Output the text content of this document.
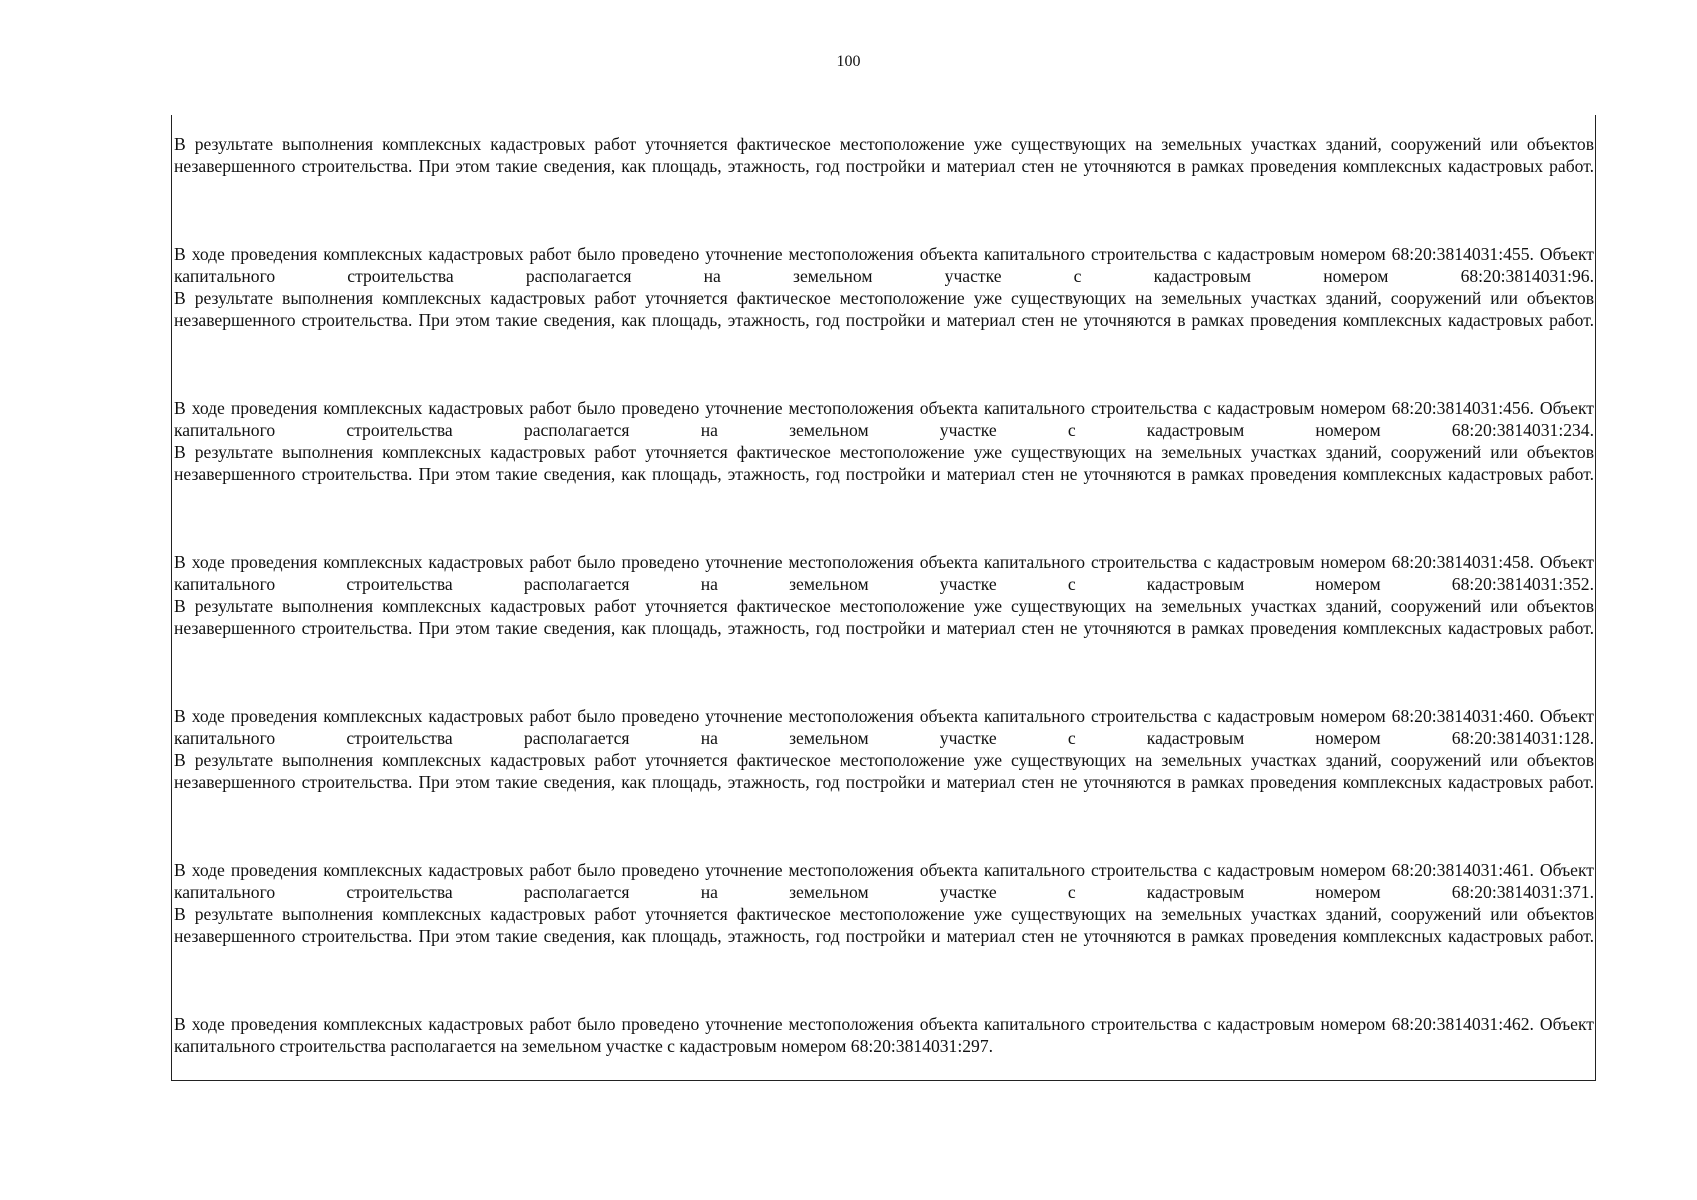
100
В результате выполнения комплексных кадастровых работ уточняется фактическое местоположение уже существующих на земельных участках зданий, сооружений или объектов незавершенного строительства. При этом такие сведения, как площадь, этажность, год постройки и материал стен не уточняются в рамках проведения комплексных кадастровых работ.
В ходе проведения комплексных кадастровых работ было проведено уточнение местоположения объекта капитального строительства с кадастровым номером 68:20:3814031:455. Объект капитального строительства располагается на земельном участке с кадастровым номером 68:20:3814031:96.
В результате выполнения комплексных кадастровых работ уточняется фактическое местоположение уже существующих на земельных участках зданий, сооружений или объектов незавершенного строительства. При этом такие сведения, как площадь, этажность, год постройки и материал стен не уточняются в рамках проведения комплексных кадастровых работ.
В ходе проведения комплексных кадастровых работ было проведено уточнение местоположения объекта капитального строительства с кадастровым номером 68:20:3814031:456. Объект капитального строительства располагается на земельном участке с кадастровым номером 68:20:3814031:234.
В результате выполнения комплексных кадастровых работ уточняется фактическое местоположение уже существующих на земельных участках зданий, сооружений или объектов незавершенного строительства. При этом такие сведения, как площадь, этажность, год постройки и материал стен не уточняются в рамках проведения комплексных кадастровых работ.
В ходе проведения комплексных кадастровых работ было проведено уточнение местоположения объекта капитального строительства с кадастровым номером 68:20:3814031:458. Объект капитального строительства располагается на земельном участке с кадастровым номером 68:20:3814031:352.
В результате выполнения комплексных кадастровых работ уточняется фактическое местоположение уже существующих на земельных участках зданий, сооружений или объектов незавершенного строительства. При этом такие сведения, как площадь, этажность, год постройки и материал стен не уточняются в рамках проведения комплексных кадастровых работ.
В ходе проведения комплексных кадастровых работ было проведено уточнение местоположения объекта капитального строительства с кадастровым номером 68:20:3814031:460. Объект капитального строительства располагается на земельном участке с кадастровым номером 68:20:3814031:128.
В результате выполнения комплексных кадастровых работ уточняется фактическое местоположение уже существующих на земельных участках зданий, сооружений или объектов незавершенного строительства. При этом такие сведения, как площадь, этажность, год постройки и материал стен не уточняются в рамках проведения комплексных кадастровых работ.
В ходе проведения комплексных кадастровых работ было проведено уточнение местоположения объекта капитального строительства с кадастровым номером 68:20:3814031:461. Объект капитального строительства располагается на земельном участке с кадастровым номером 68:20:3814031:371.
В результате выполнения комплексных кадастровых работ уточняется фактическое местоположение уже существующих на земельных участках зданий, сооружений или объектов незавершенного строительства. При этом такие сведения, как площадь, этажность, год постройки и материал стен не уточняются в рамках проведения комплексных кадастровых работ.
В ходе проведения комплексных кадастровых работ было проведено уточнение местоположения объекта капитального строительства с кадастровым номером 68:20:3814031:462. Объект капитального строительства располагается на земельном участке с кадастровым номером 68:20:3814031:297.
